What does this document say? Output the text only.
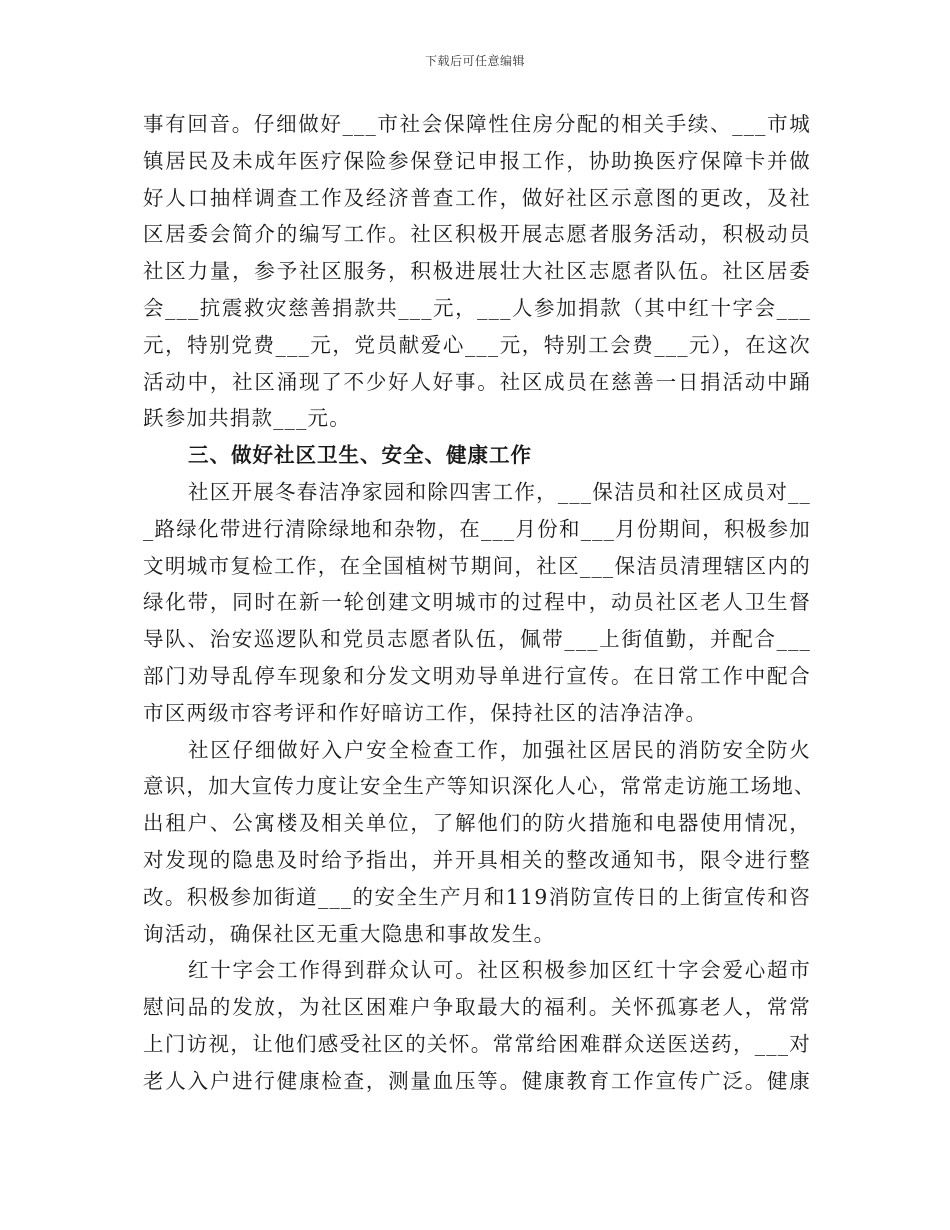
下载后可任意编辑
事有回音。仔细做好___市社会保障性住房分配的相关手续、___市城
镇居民及未成年医疗保险参保登记申报工作，协助换医疗保障卡并做
好人口抽样调查工作及经济普查工作，做好社区示意图的更改，及社
区居委会简介的编写工作。社区积极开展志愿者服务活动，积极动员
社区力量，参予社区服务，积极进展壮大社区志愿者队伍。社区居委
会___抗震救灾慈善捐款共___元，___人参加捐款（其中红十字会___
元，特别党费___元，党员献爱心___元，特别工会费___元），在这次
活动中，社区涌现了不少好人好事。社区成员在慈善一日捐活动中踊
跃参加共捐款___元。
三、做好社区卫生、安全、健康工作
社区开展冬春洁净家园和除四害工作，___保洁员和社区成员对__
_路绿化带进行清除绿地和杂物，在___月份和___月份期间，积极参加
文明城市复检工作，在全国植树节期间，社区___保洁员清理辖区内的
绿化带，同时在新一轮创建文明城市的过程中，动员社区老人卫生督
导队、治安巡逻队和党员志愿者队伍，佩带___上街值勤，并配合___
部门劝导乱停车现象和分发文明劝导单进行宣传。在日常工作中配合
市区两级市容考评和作好暗访工作，保持社区的洁净洁净。
社区仔细做好入户安全检查工作，加强社区居民的消防安全防火
意识，加大宣传力度让安全生产等知识深化人心，常常走访施工场地、
出租户、公寓楼及相关单位，了解他们的防火措施和电器使用情况，
对发现的隐患及时给予指出，并开具相关的整改通知书，限令进行整
改。积极参加街道___的安全生产月和119消防宣传日的上街宣传和咨
询活动，确保社区无重大隐患和事故发生。
红十字会工作得到群众认可。社区积极参加区红十字会爱心超市
慰问品的发放，为社区困难户争取最大的福利。关怀孤寡老人，常常
上门访视，让他们感受社区的关怀。常常给困难群众送医送药，___对
老人入户进行健康检查，测量血压等。健康教育工作宣传广泛。健康
